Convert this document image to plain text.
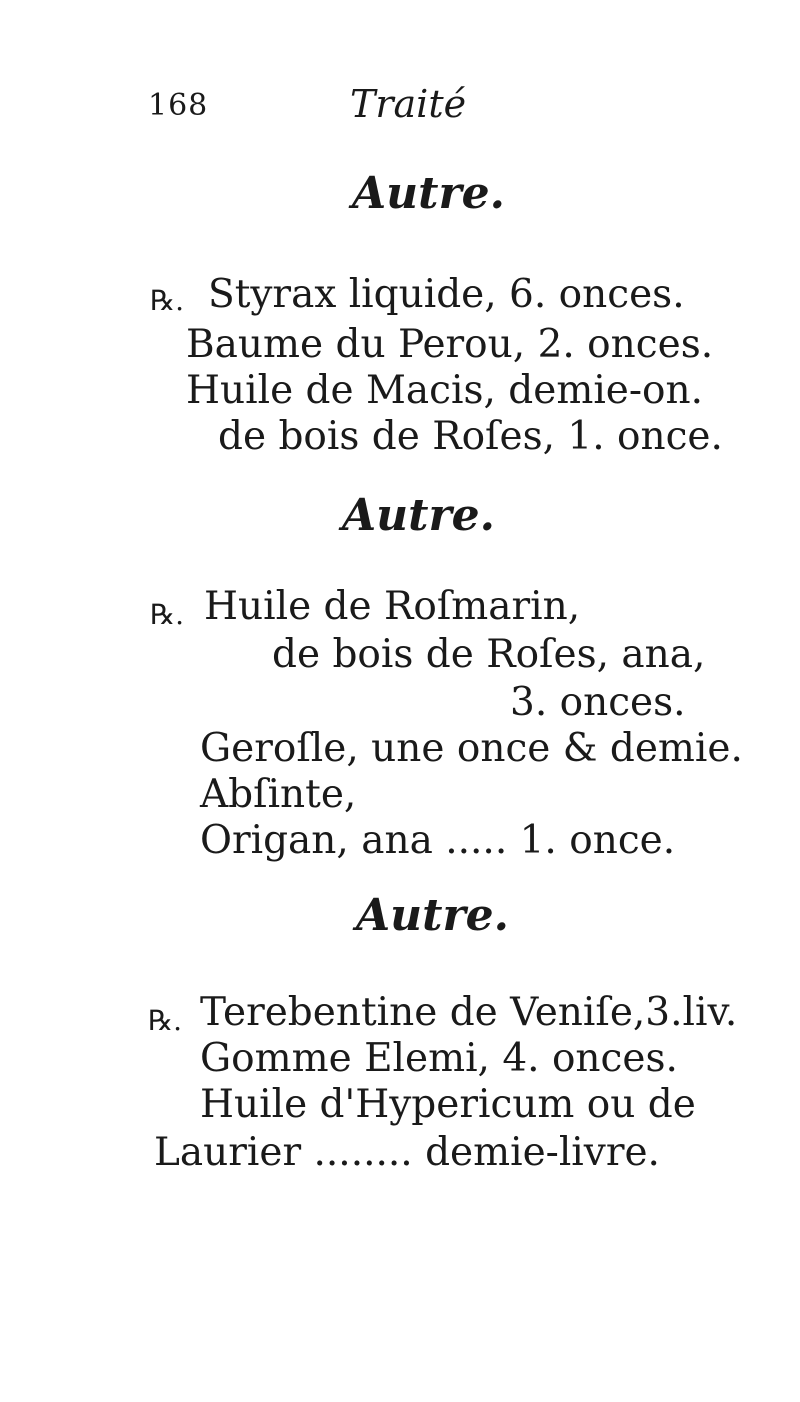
168	Traité
Autre.
℞. Styrax liquide, 6. onces.
Baume du Perou, 2. onces.
Huile de Macis, demie-on.
de bois de Roſes, 1. once.
Autre.
℞. Huile de Roſmarin,
de bois de Roſes, ana,
3. onces.
Geroſle, une once & demie.
Abſinte,
Origan, ana ..... 1. once.
Autre.
℞. Terebentine de Veniſe,3.liv.
Gomme Elemi, 4. onces.
Huile d'Hypericum ou de
Laurier ........ demie-livre.
